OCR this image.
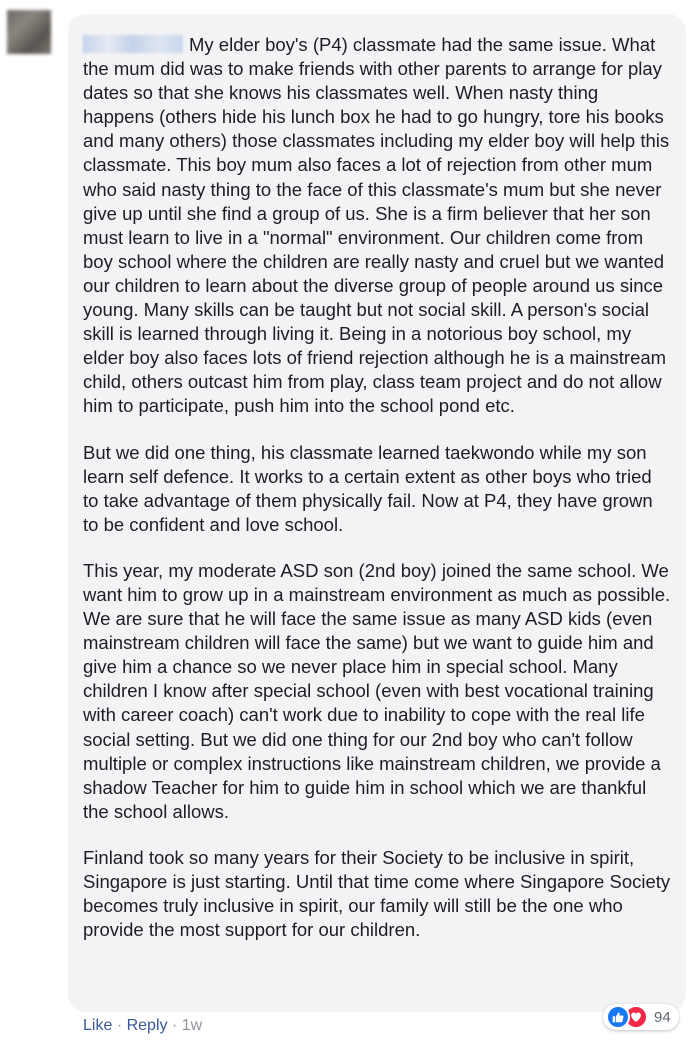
My elder boy's (P4) classmate had the same issue. What the mum did was to make friends with other parents to arrange for play dates so that she knows his classmates well. When nasty thing happens (others hide his lunch box he had to go hungry, tore his books and many others) those classmates including my elder boy will help this classmate. This boy mum also faces a lot of rejection from other mum who said nasty thing to the face of this classmate's mum but she never give up until she find a group of us. She is a firm believer that her son must learn to live in a "normal" environment. Our children come from boy school where the children are really nasty and cruel but we wanted our children to learn about the diverse group of people around us since young. Many skills can be taught but not social skill. A person's social skill is learned through living it. Being in a notorious boy school, my elder boy also faces lots of friend rejection although he is a mainstream child, others outcast him from play, class team project and do not allow him to participate, push him into the school pond etc.

But we did one thing, his classmate learned taekwondo while my son learn self defence. It works to a certain extent as other boys who tried to take advantage of them physically fail. Now at P4, they have grown to be confident and love school.

This year, my moderate ASD son (2nd boy) joined the same school. We want him to grow up in a mainstream environment as much as possible. We are sure that he will face the same issue as many ASD kids (even mainstream children will face the same) but we want to guide him and give him a chance so we never place him in special school. Many children I know after special school (even with best vocational training with career coach) can't work due to inability to cope with the real life social setting. But we did one thing for our 2nd boy who can't follow multiple or complex instructions like mainstream children, we provide a shadow Teacher for him to guide him in school which we are thankful the school allows.

Finland took so many years for their Society to be inclusive in spirit, Singapore is just starting. Until that time come where Singapore Society becomes truly inclusive in spirit, our family will still be the one who provide the most support for our children.

94
Like · Reply · 1w
